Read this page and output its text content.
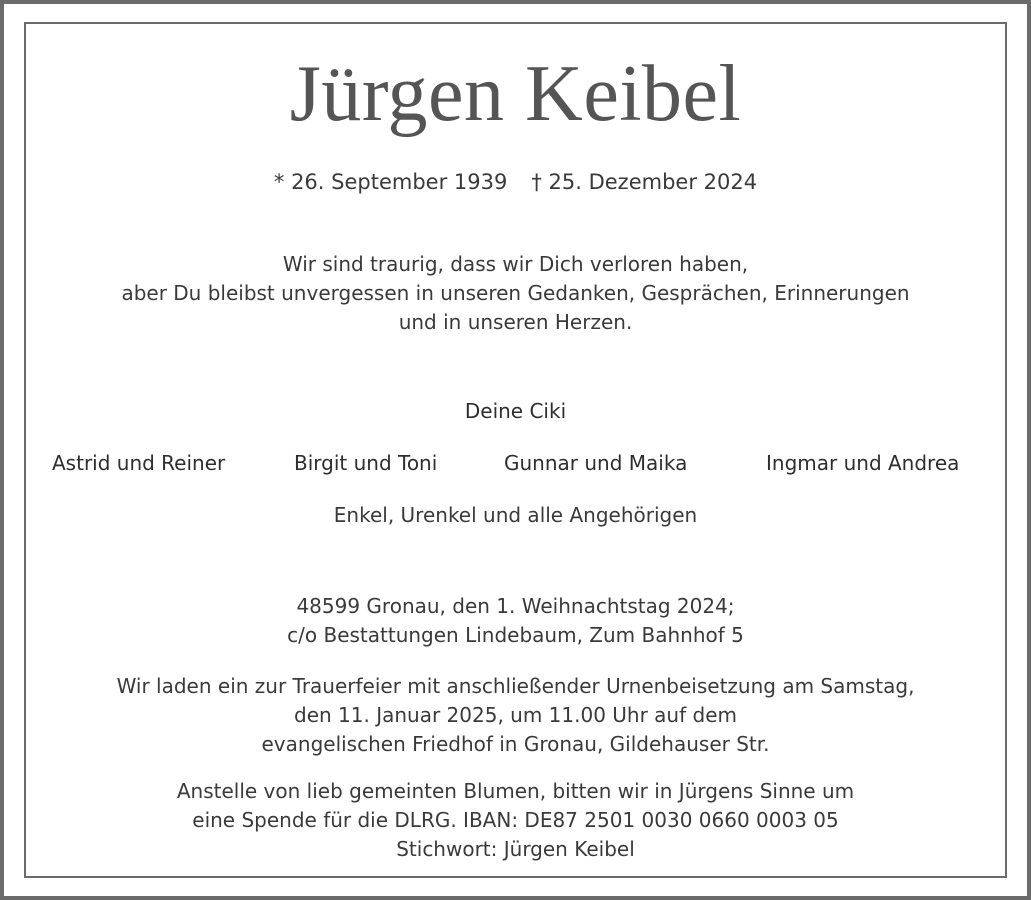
Jürgen Keibel
* 26. September 1939 † 25. Dezember 2024
Wir sind traurig, dass wir Dich verloren haben,
aber Du bleibst unvergessen in unseren Gedanken, Gesprächen, Erinnerungen
und in unseren Herzen.
Deine Ciki
Astrid und Reiner	Birgit und Toni	Gunnar und Maika	Ingmar und Andrea
Enkel, Urenkel und alle Angehörigen
48599 Gronau, den 1. Weihnachtstag 2024;
c/o Bestattungen Lindebaum, Zum Bahnhof 5
Wir laden ein zur Trauerfeier mit anschließender Urnenbeisetzung am Samstag,
den 11. Januar 2025, um 11.00 Uhr auf dem
evangelischen Friedhof in Gronau, Gildehauser Str.
Anstelle von lieb gemeinten Blumen, bitten wir in Jürgens Sinne um
eine Spende für die DLRG. IBAN: DE87 2501 0030 0660 0003 05
Stichwort: Jürgen Keibel
